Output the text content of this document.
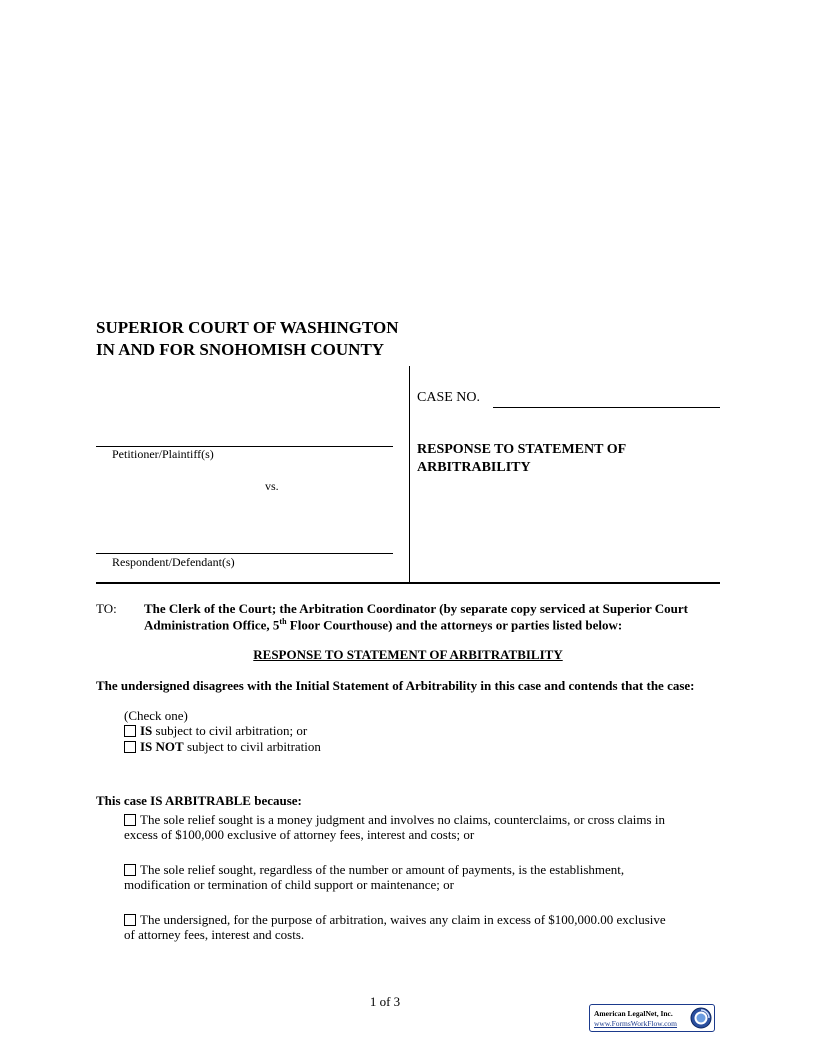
SUPERIOR COURT OF WASHINGTON
IN AND FOR SNOHOMISH COUNTY
Petitioner/Plaintiff(s)
vs.
Respondent/Defendant(s)
CASE NO.
RESPONSE TO STATEMENT OF
ARBITRABILITY
TO: The Clerk of the Court; the Arbitration Coordinator (by separate copy serviced at Superior Court
Administration Office, 5th Floor Courthouse) and the attorneys or parties listed below:
RESPONSE TO STATEMENT OF ARBITRATBILITY
The undersigned disagrees with the Initial Statement of Arbitrability in this case and contends that the case:
(Check one)
IS subject to civil arbitration; or
IS NOT subject to civil arbitration
This case IS ARBITRABLE because:
The sole relief sought is a money judgment and involves no claims, counterclaims, or cross claims in
excess of $100,000 exclusive of attorney fees, interest and costs; or
The sole relief sought, regardless of the number or amount of payments, is the establishment,
modification or termination of child support or maintenance; or
The undersigned, for the purpose of arbitration, waives any claim in excess of $100,000.00 exclusive
of attorney fees, interest and costs.
1 of 3
American LegalNet, Inc.
www.FormsWorkFlow.com
